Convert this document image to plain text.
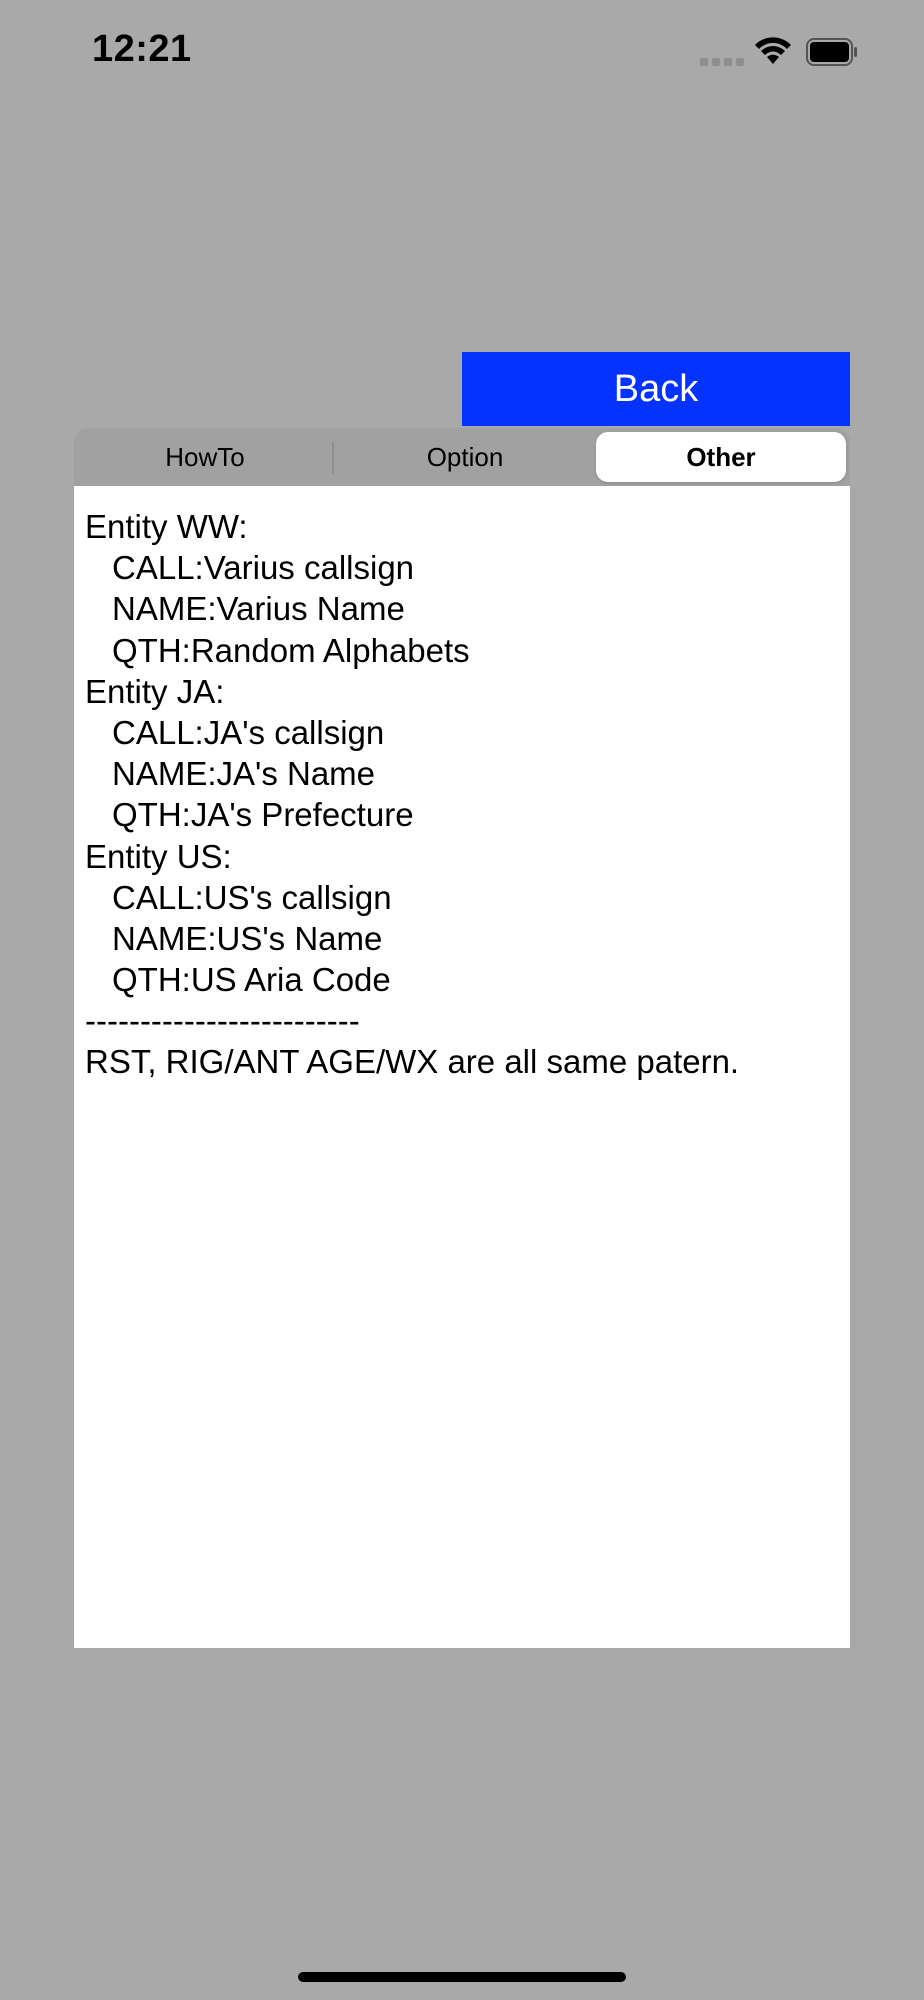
12:21
Back
HowTo	Option	Other
Entity WW:
CALL:Varius callsign
NAME:Varius Name
QTH:Random Alphabets
Entity JA:
CALL:JA's callsign
NAME:JA's Name
QTH:JA's Prefecture
Entity US:
CALL:US's callsign
NAME:US's Name
QTH:US Aria Code
-------------------------
RST, RIG/ANT AGE/WX are all same patern.
